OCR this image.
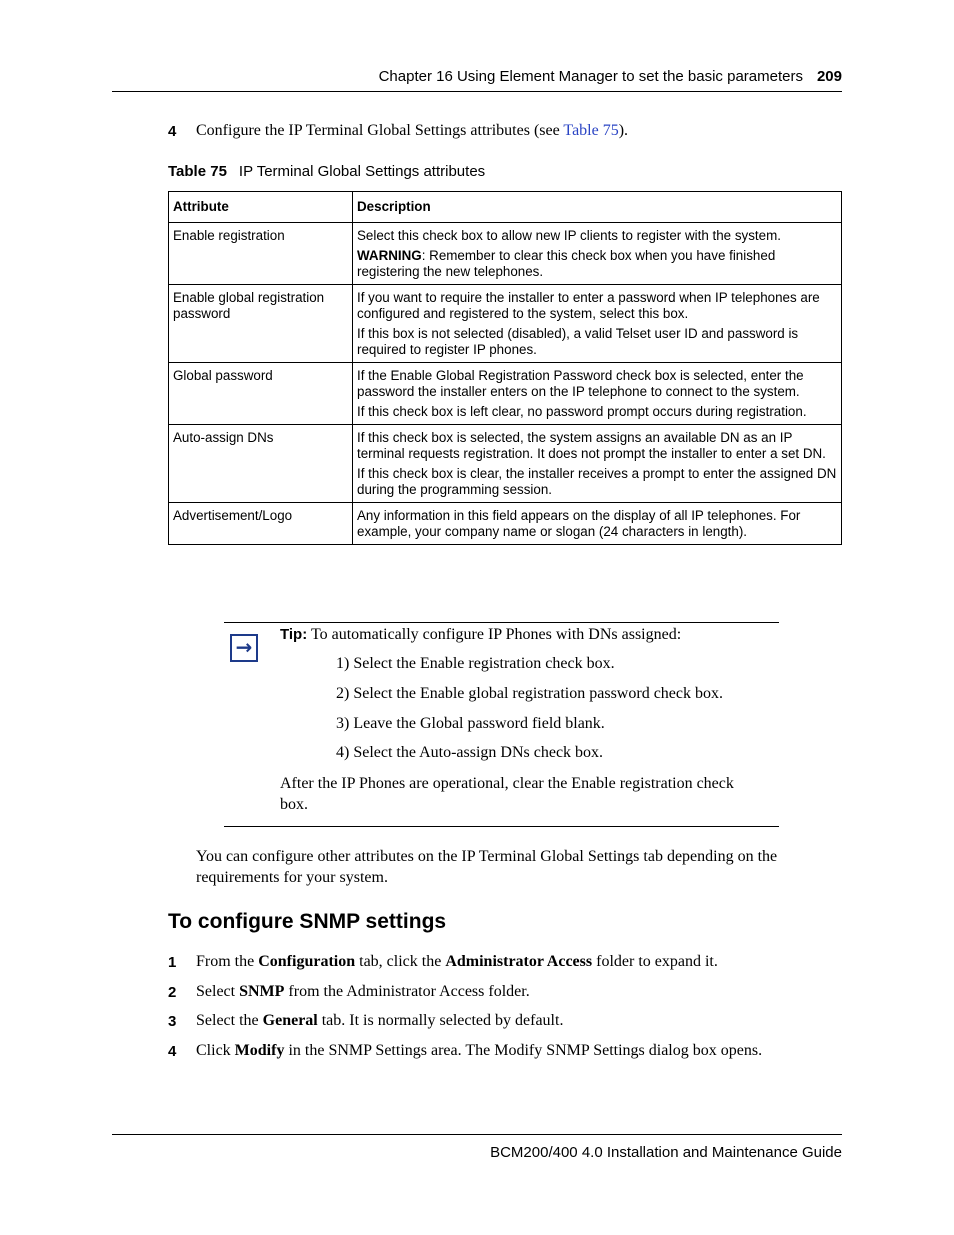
Chapter 16 Using Element Manager to set the basic parameters 209
4 Configure the IP Terminal Global Settings attributes (see Table 75).
Table 75 IP Terminal Global Settings attributes
Attribute	Description
Enable registration	Select this check box to allow new IP clients to register with the system.

WARNING: Remember to clear this check box when you have finished registering the new telephones.

Enable global registration password	If you want to require the installer to enter a password when IP telephones are configured and registered to the system, select this box.

If this box is not selected (disabled), a valid Telset user ID and password is required to register IP phones.

Global password	If the Enable Global Registration Password check box is selected, enter the password the installer enters on the IP telephone to connect to the system.

If this check box is left clear, no password prompt occurs during registration.

Auto-assign DNs	If this check box is selected, the system assigns an available DN as an IP terminal requests registration. It does not prompt the installer to enter a set DN.

If this check box is clear, the installer receives a prompt to enter the assigned DN during the programming session.

Advertisement/Logo	Any information in this field appears on the display of all IP telephones. For example, your company name or slogan (24 characters in length).

→
Tip: To automatically configure IP Phones with DNs assigned:
1) Select the Enable registration check box.
2) Select the Enable global registration password check box.
3) Leave the Global password field blank.
4) Select the Auto-assign DNs check box.
After the IP Phones are operational, clear the Enable registration check
box.
You can configure other attributes on the IP Terminal Global Settings tab depending on the requirements for your system.
To configure SNMP settings
1 From the Configuration tab, click the Administrator Access folder to expand it.
2 Select SNMP from the Administrator Access folder.
3 Select the General tab. It is normally selected by default.
4 Click Modify in the SNMP Settings area. The Modify SNMP Settings dialog box opens.
BCM200/400 4.0 Installation and Maintenance Guide
